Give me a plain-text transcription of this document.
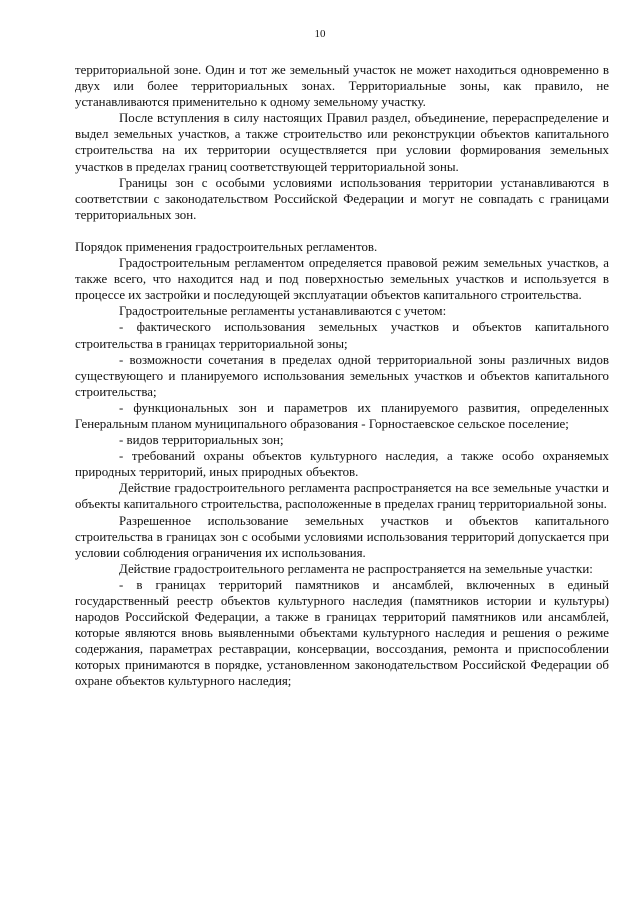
10

территориальной зоне. Один и тот же земельный участок не может находиться одновременно в двух или более территориальных зонах. Территориальные зоны, как правило, не устанавливаются применительно к одному земельному участку.

После вступления в силу настоящих Правил раздел, объединение, перераспределение и выдел земельных участков, а также строительство или реконструкции объектов капитального строительства на их территории осуществляется при условии формирования земельных участков в пределах границ соответствующей территориальной зоны.

Границы зон с особыми условиями использования территории устанавливаются в соответствии с законодательством Российской Федерации и могут не совпадать с границами территориальных зон.

Порядок применения градостроительных регламентов.

Градостроительным регламентом определяется правовой режим земельных участков, а также всего, что находится над и под поверхностью земельных участков и используется в процессе их застройки и последующей эксплуатации объектов капитального строительства.

Градостроительные регламенты устанавливаются с учетом:

- фактического использования земельных участков и объектов капитального строительства в границах территориальной зоны;

- возможности сочетания в пределах одной территориальной зоны различных видов существующего и планируемого использования земельных участков и объектов капитального строительства;

- функциональных зон и параметров их планируемого развития, определенных Генеральным планом муниципального образования - Горностаевское сельское поселение;

- видов территориальных зон;

- требований охраны объектов культурного наследия, а также особо охраняемых природных территорий, иных природных объектов.

Действие градостроительного регламента распространяется на все земельные участки и объекты капитального строительства, расположенные в пределах границ территориальной зоны.

Разрешенное использование земельных участков и объектов капитального строительства в границах зон с особыми условиями использования территорий допускается при условии соблюдения ограничения их использования.

Действие градостроительного регламента не распространяется на земельные участки:

- в границах территорий памятников и ансамблей, включенных в единый государственный реестр объектов культурного наследия (памятников истории и культуры) народов Российской Федерации, а также в границах территорий памятников или ансамблей, которые являются вновь выявленными объектами культурного наследия и решения о режиме содержания, параметрах реставрации, консервации, воссоздания, ремонта и приспособлении которых принимаются в порядке, установленном законодательством Российской Федерации об охране объектов культурного наследия;
